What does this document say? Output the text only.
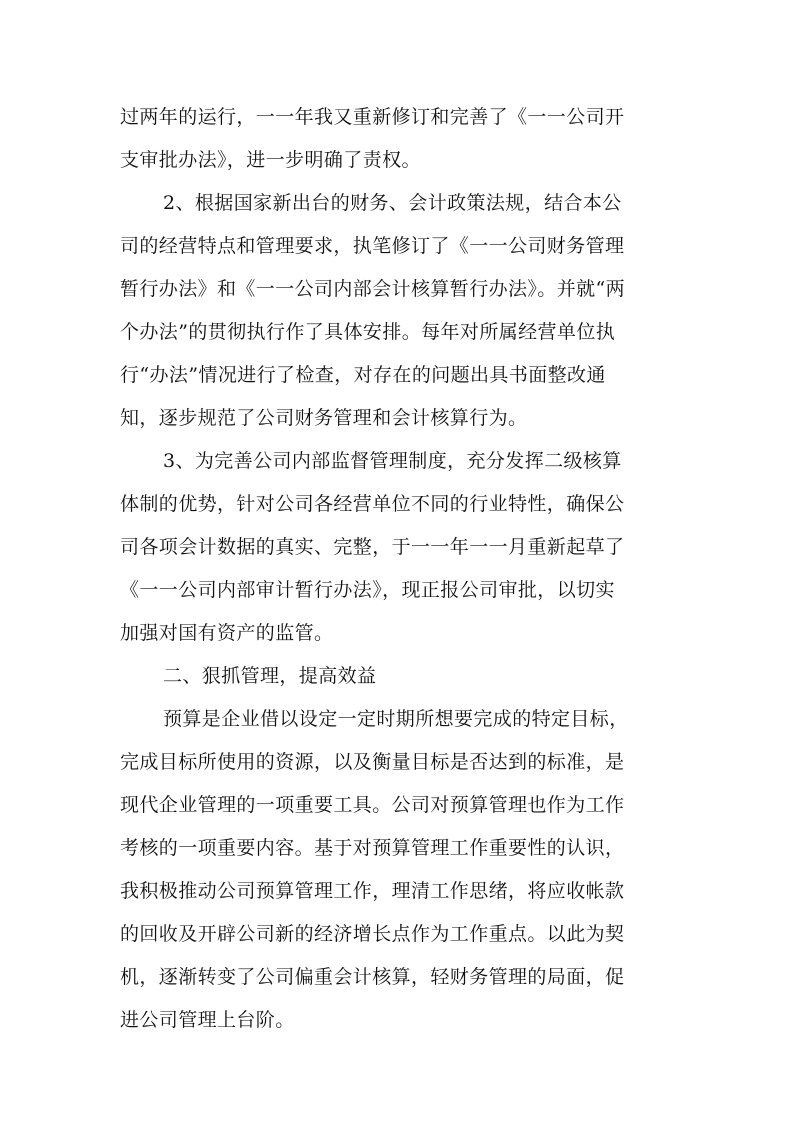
过两年的运行，一一年我又重新修订和完善了《一一公司开
支审批办法》，进一步明确了责权。
2、根据国家新出台的财务、会计政策法规，结合本公
司的经营特点和管理要求，执笔修订了《一一公司财务管理
暂行办法》和《一一公司内部会计核算暂行办法》。并就“两
个办法”的贯彻执行作了具体安排。每年对所属经营单位执
行“办法”情况进行了检查，对存在的问题出具书面整改通
知，逐步规范了公司财务管理和会计核算行为。
3、为完善公司内部监督管理制度，充分发挥二级核算
体制的优势，针对公司各经营单位不同的行业特性，确保公
司各项会计数据的真实、完整，于一一年一一月重新起草了
《一一公司内部审计暂行办法》，现正报公司审批，以切实
加强对国有资产的监管。
二、狠抓管理，提高效益
预算是企业借以设定一定时期所想要完成的特定目标，
完成目标所使用的资源，以及衡量目标是否达到的标准，是
现代企业管理的一项重要工具。公司对预算管理也作为工作
考核的一项重要内容。基于对预算管理工作重要性的认识，
我积极推动公司预算管理工作，理清工作思绪，将应收帐款
的回收及开辟公司新的经济增长点作为工作重点。以此为契
机，逐渐转变了公司偏重会计核算，轻财务管理的局面，促
进公司管理上台阶。
